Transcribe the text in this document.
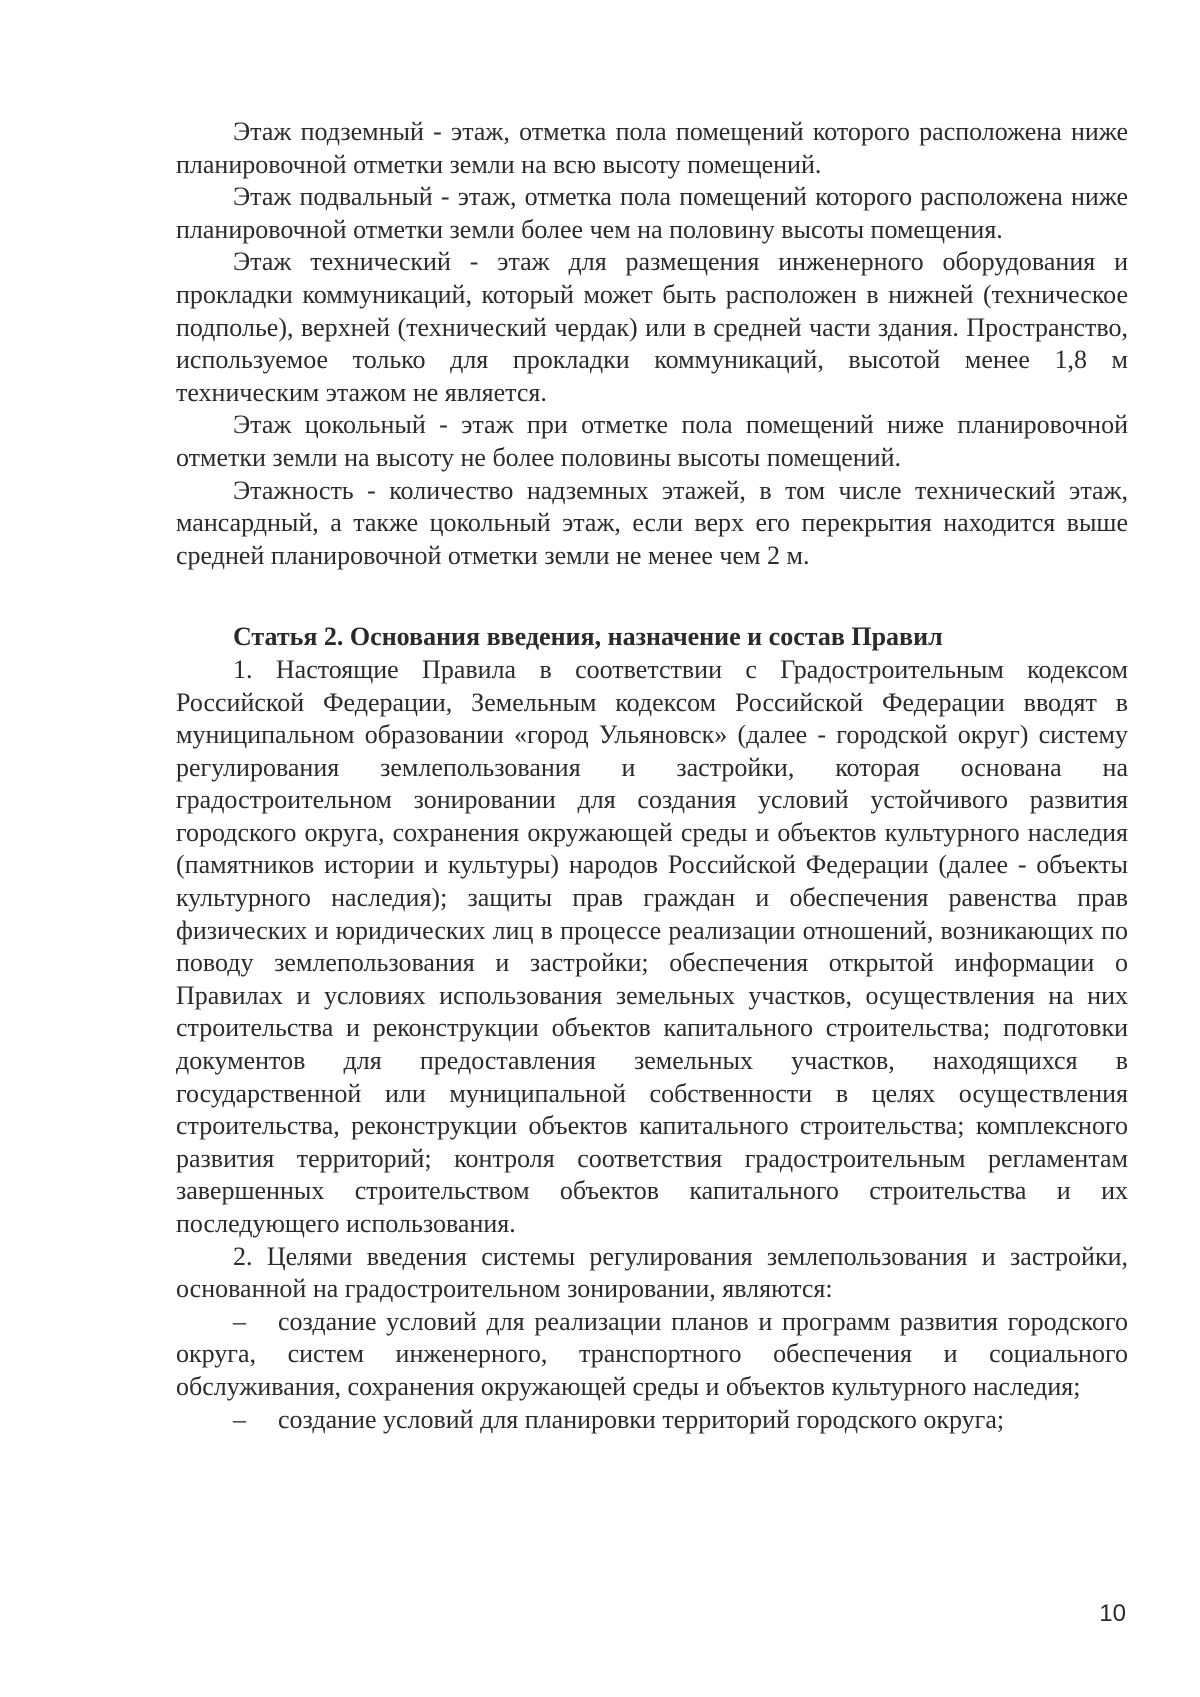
Этаж подземный - этаж, отметка пола помещений которого расположена ниже планировочной отметки земли на всю высоту помещений.

Этаж подвальный - этаж, отметка пола помещений которого расположена ниже планировочной отметки земли более чем на половину высоты помещения.

Этаж технический - этаж для размещения инженерного оборудования и прокладки коммуникаций, который может быть расположен в нижней (техническое подполье), верхней (технический чердак) или в средней части здания. Пространство, используемое только для прокладки коммуникаций, высотой менее 1,8 м техническим этажом не является.

Этаж цокольный - этаж при отметке пола помещений ниже планировочной отметки земли на высоту не более половины высоты помещений.

Этажность - количество надземных этажей, в том числе технический этаж, мансардный, а также цокольный этаж, если верх его перекрытия находится выше средней планировочной отметки земли не менее чем 2 м.

Статья 2. Основания введения, назначение и состав Правил

1. Настоящие Правила в соответствии с Градостроительным кодексом Российской Федерации, Земельным кодексом Российской Федерации вводят в муниципальном образовании «город Ульяновск» (далее - городской округ) систему регулирования землепользования и застройки, которая основана на градостроительном зонировании для создания условий устойчивого развития городского округа, сохранения окружающей среды и объектов культурного наследия (памятников истории и культуры) народов Российской Федерации (далее - объекты культурного наследия); защиты прав граждан и обеспечения равенства прав физических и юридических лиц в процессе реализации отношений, возникающих по поводу землепользования и застройки; обеспечения открытой информации о Правилах и условиях использования земельных участков, осуществления на них строительства и реконструкции объектов капитального строительства; подготовки документов для предоставления земельных участков, находящихся в государственной или муниципальной собственности в целях осуществления строительства, реконструкции объектов капитального строительства; комплексного развития территорий; контроля соответствия градостроительным регламентам завершенных строительством объектов капитального строительства и их последующего использования.

2. Целями введения системы регулирования землепользования и застройки, основанной на градостроительном зонировании, являются:

– создание условий для реализации планов и программ развития городского округа, систем инженерного, транспортного обеспечения и социального обслуживания, сохранения окружающей среды и объектов культурного наследия;

– создание условий для планировки территорий городского округа;

10
